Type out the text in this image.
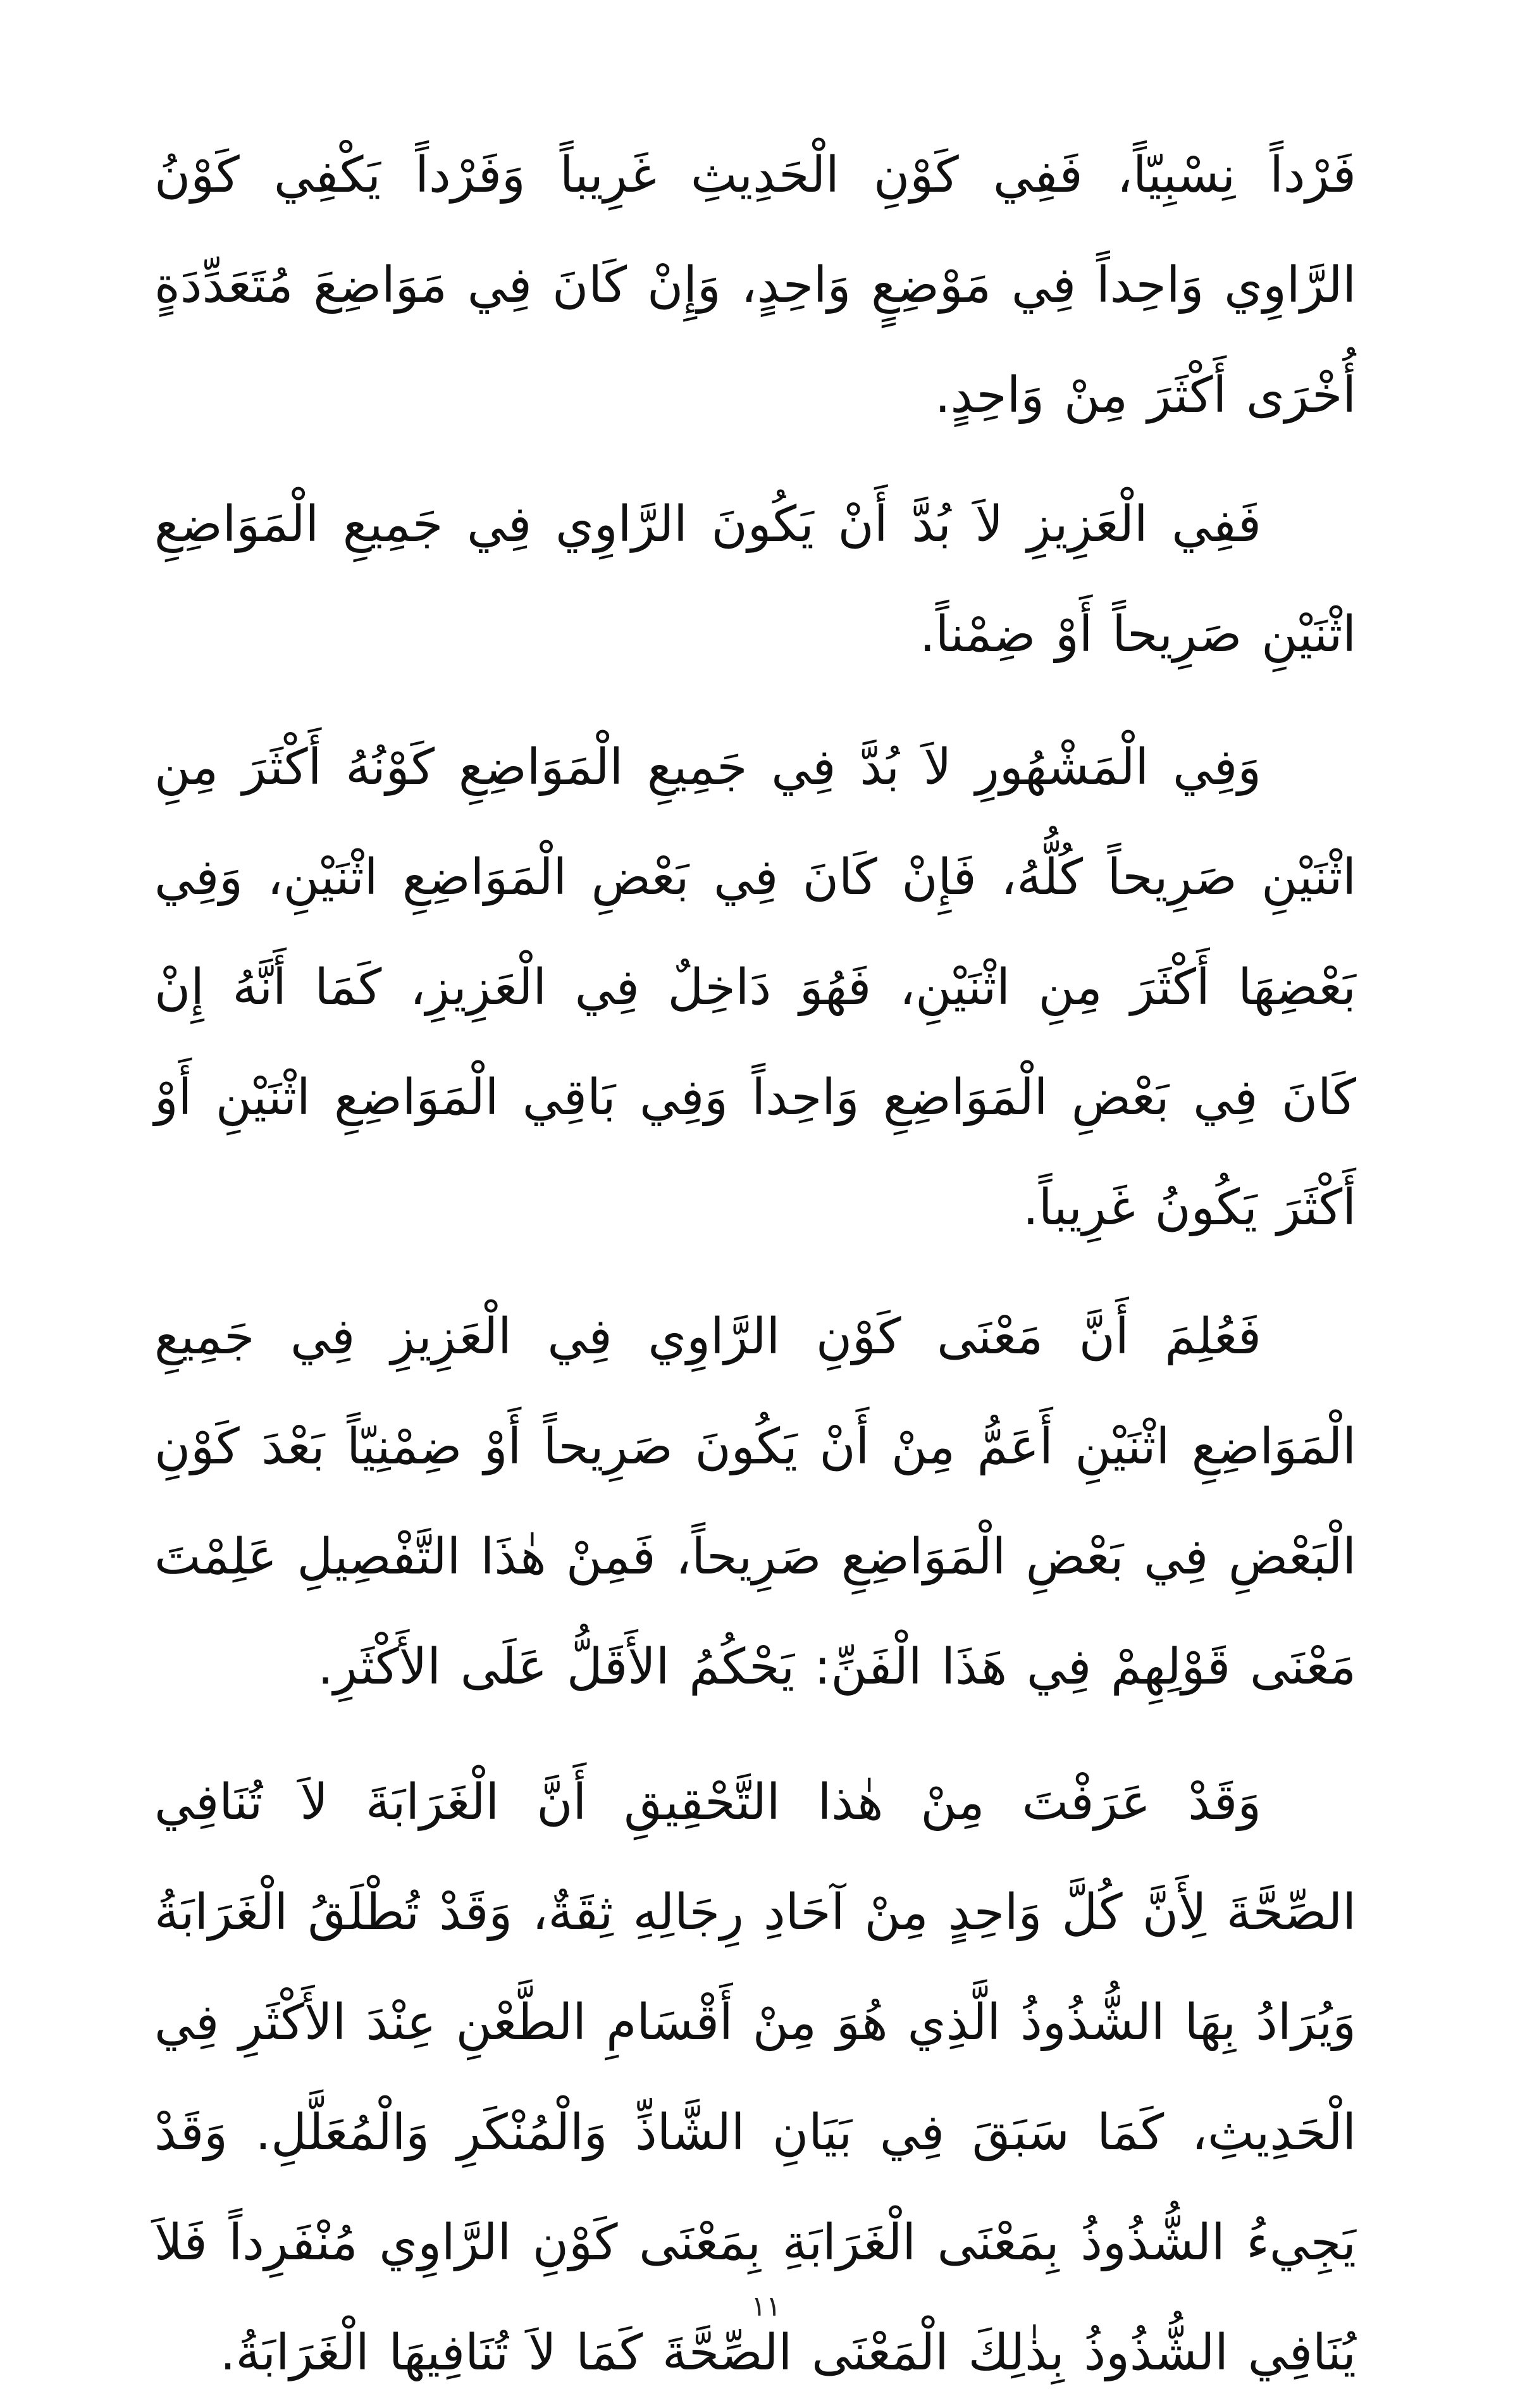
فَرْداً نِسْبِيّاً، فَفِي كَوْنِ الْحَدِيثِ غَرِيباً وَفَرْداً يَكْفِي كَوْنُ الرَّاوِي وَاحِداً فِي مَوْضِعٍ وَاحِدٍ، وَإِنْ كَانَ فِي مَوَاضِعَ مُتَعَدِّدَةٍ أُخْرَى أَكْثَرَ مِنْ وَاحِدٍ.

فَفِي الْعَزِيزِ لاَ بُدَّ أَنْ يَكُونَ الرَّاوِي فِي جَمِيعِ الْمَوَاضِعِ اثْنَيْنِ صَرِيحاً أَوْ ضِمْناً.

وَفِي الْمَشْهُورِ لاَ بُدَّ فِي جَمِيعِ الْمَوَاضِعِ كَوْنُهُ أَكْثَرَ مِنِ اثْنَيْنِ صَرِيحاً كُلُّهُ، فَإِنْ كَانَ فِي بَعْضِ الْمَوَاضِعِ اثْنَيْنِ، وَفِي بَعْضِهَا أَكْثَرَ مِنِ اثْنَيْنِ، فَهُوَ دَاخِلٌ فِي الْعَزِيزِ، كَمَا أَنَّهُ إِنْ كَانَ فِي بَعْضِ الْمَوَاضِعِ وَاحِداً وَفِي بَاقِي الْمَوَاضِعِ اثْنَيْنِ أَوْ أَكْثَرَ يَكُونُ غَرِيباً.

فَعُلِمَ أَنَّ مَعْنَى كَوْنِ الرَّاوِي فِي الْعَزِيزِ فِي جَمِيعِ الْمَوَاضِعِ اثْنَيْنِ أَعَمُّ مِنْ أَنْ يَكُونَ صَرِيحاً أَوْ ضِمْنِيّاً بَعْدَ كَوْنِ الْبَعْضِ فِي بَعْضِ الْمَوَاضِعِ صَرِيحاً، فَمِنْ هٰذَا التَّفْصِيلِ عَلِمْتَ مَعْنَى قَوْلِهِمْ فِي هَذَا الْفَنِّ: يَحْكُمُ الأَقَلُّ عَلَى الأَكْثَرِ.

وَقَدْ عَرَفْتَ مِنْ هٰذا التَّحْقِيقِ أَنَّ الْغَرَابَةَ لاَ تُنَافِي الصِّحَّةَ لِأَنَّ كُلَّ وَاحِدٍ مِنْ آحَادِ رِجَالِهِ ثِقَةٌ، وَقَدْ تُطْلَقُ الْغَرَابَةُ وَيُرَادُ بِهَا الشُّذُوذُ الَّذِي هُوَ مِنْ أَقْسَامِ الطَّعْنِ عِنْدَ الأَكْثَرِ فِي الْحَدِيثِ، كَمَا سَبَقَ فِي بَيَانِ الشَّاذِّ وَالْمُنْكَرِ وَالْمُعَلَّلِ. وَقَدْ يَجِيءُ الشُّذُوذُ بِمَعْنَى الْغَرَابَةِ بِمَعْنَى كَوْنِ الرَّاوِي مُنْفَرِداً فَلاَ يُنَافِي الشُّذُوذُ بِذٰلِكَ الْمَعْنَى الصِّحَّةَ كَمَا لاَ تُنَافِيهَا الْغَرَابَةُ.

١١
